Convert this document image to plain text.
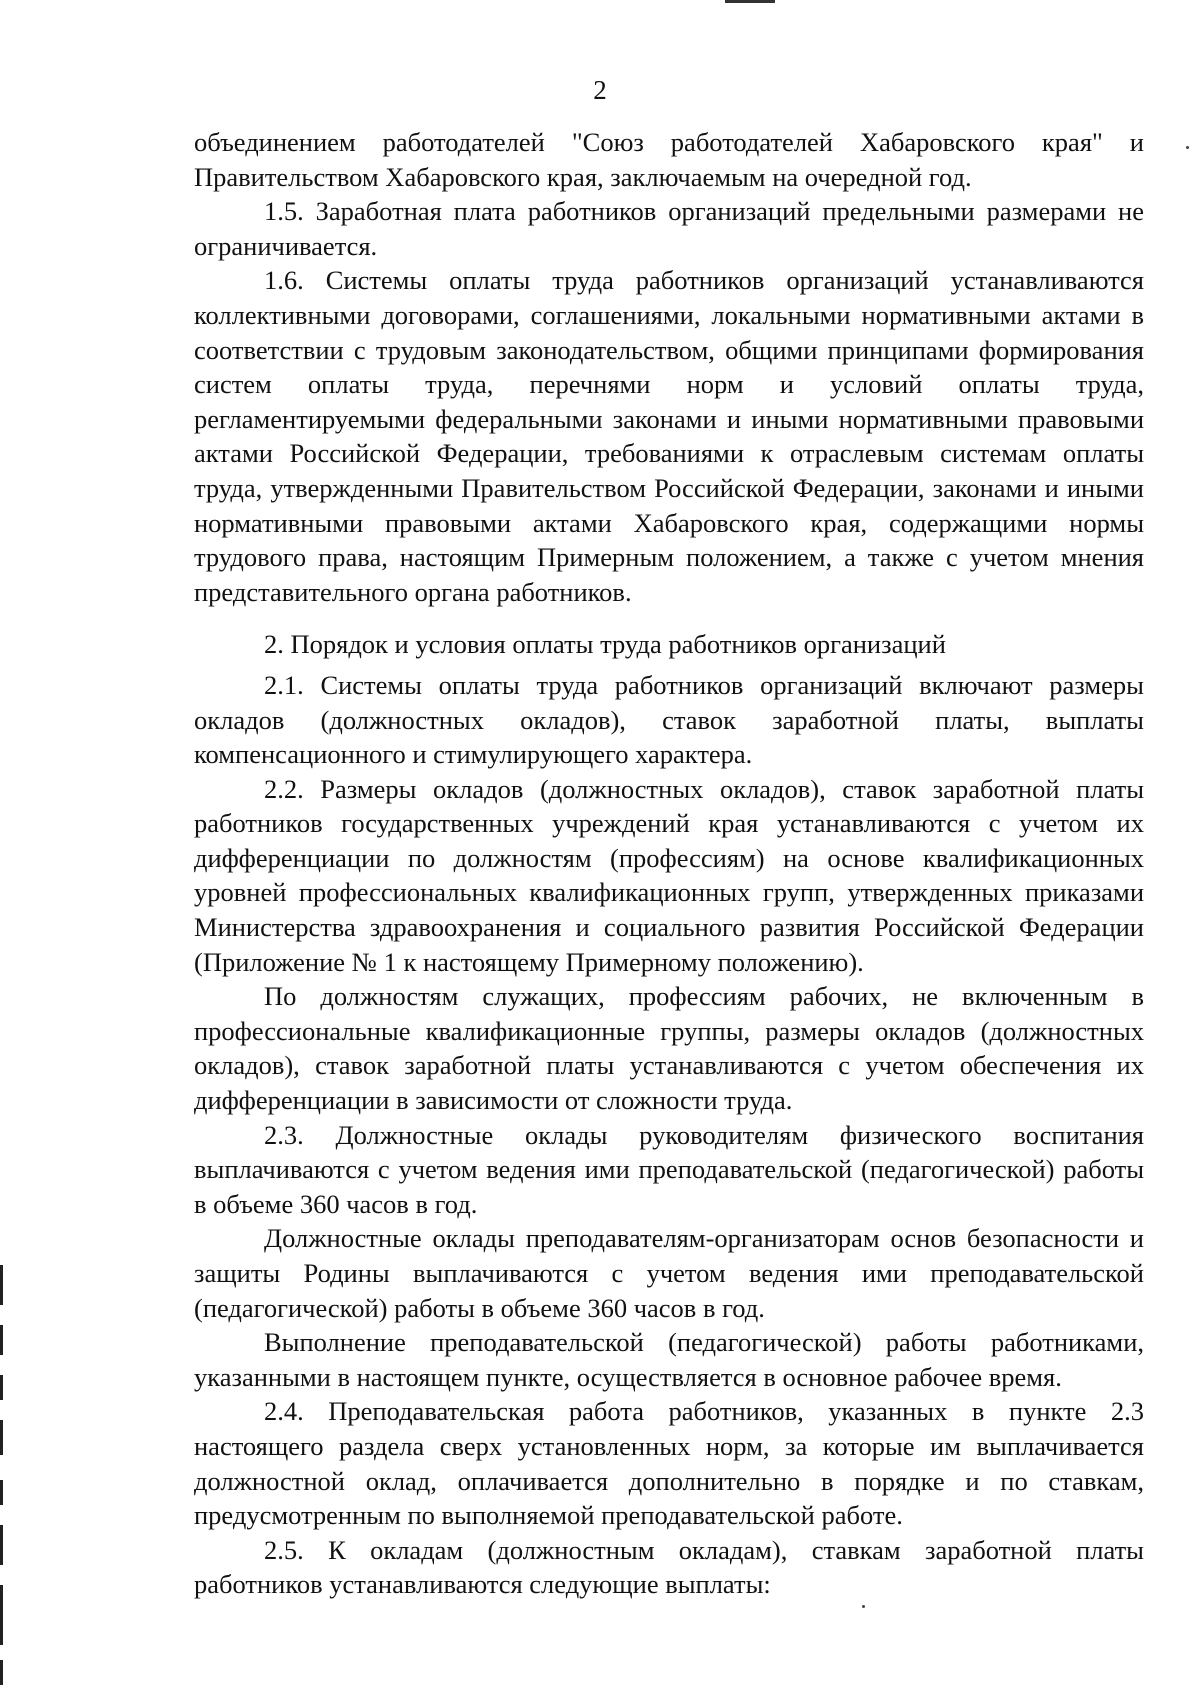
2

объединением работодателей "Союз работодателей Хабаровского края" и Правительством Хабаровского края, заключаемым на очередной год.

1.5. Заработная плата работников организаций предельными размерами не ограничивается.

1.6. Системы оплаты труда работников организаций устанавливаются коллективными договорами, соглашениями, локальными нормативными актами в соответствии с трудовым законодательством, общими принципами формирования систем оплаты труда, перечнями норм и условий оплаты труда, регламентируемыми федеральными законами и иными нормативными правовыми актами Российской Федерации, требованиями к отраслевым системам оплаты труда, утвержденными Правительством Российской Федерации, законами и иными нормативными правовыми актами Хабаровского края, содержащими нормы трудового права, настоящим Примерным положением, а также с учетом мнения представительного органа работников.

2. Порядок и условия оплаты труда работников организаций

2.1. Системы оплаты труда работников организаций включают размеры окладов (должностных окладов), ставок заработной платы, выплаты компенсационного и стимулирующего характера.

2.2. Размеры окладов (должностных окладов), ставок заработной платы работников государственных учреждений края устанавливаются с учетом их дифференциации по должностям (профессиям) на основе квалификационных уровней профессиональных квалификационных групп, утвержденных приказами Министерства здравоохранения и социального развития Российской Федерации (Приложение № 1 к настоящему Примерному положению).

По должностям служащих, профессиям рабочих, не включенным в профессиональные квалификационные группы, размеры окладов (должностных окладов), ставок заработной платы устанавливаются с учетом обеспечения их дифференциации в зависимости от сложности труда.

2.3. Должностные оклады руководителям физического воспитания выплачиваются с учетом ведения ими преподавательской (педагогической) работы в объеме 360 часов в год.

Должностные оклады преподавателям-организаторам основ безопасности и защиты Родины выплачиваются с учетом ведения ими преподавательской (педагогической) работы в объеме 360 часов в год.

Выполнение преподавательской (педагогической) работы работниками, указанными в настоящем пункте, осуществляется в основное рабочее время.

2.4. Преподавательская работа работников, указанных в пункте 2.3 настоящего раздела сверх установленных норм, за которые им выплачивается должностной оклад, оплачивается дополнительно в порядке и по ставкам, предусмотренным по выполняемой преподавательской работе.

2.5. К окладам (должностным окладам), ставкам заработной платы работников устанавливаются следующие выплаты:
